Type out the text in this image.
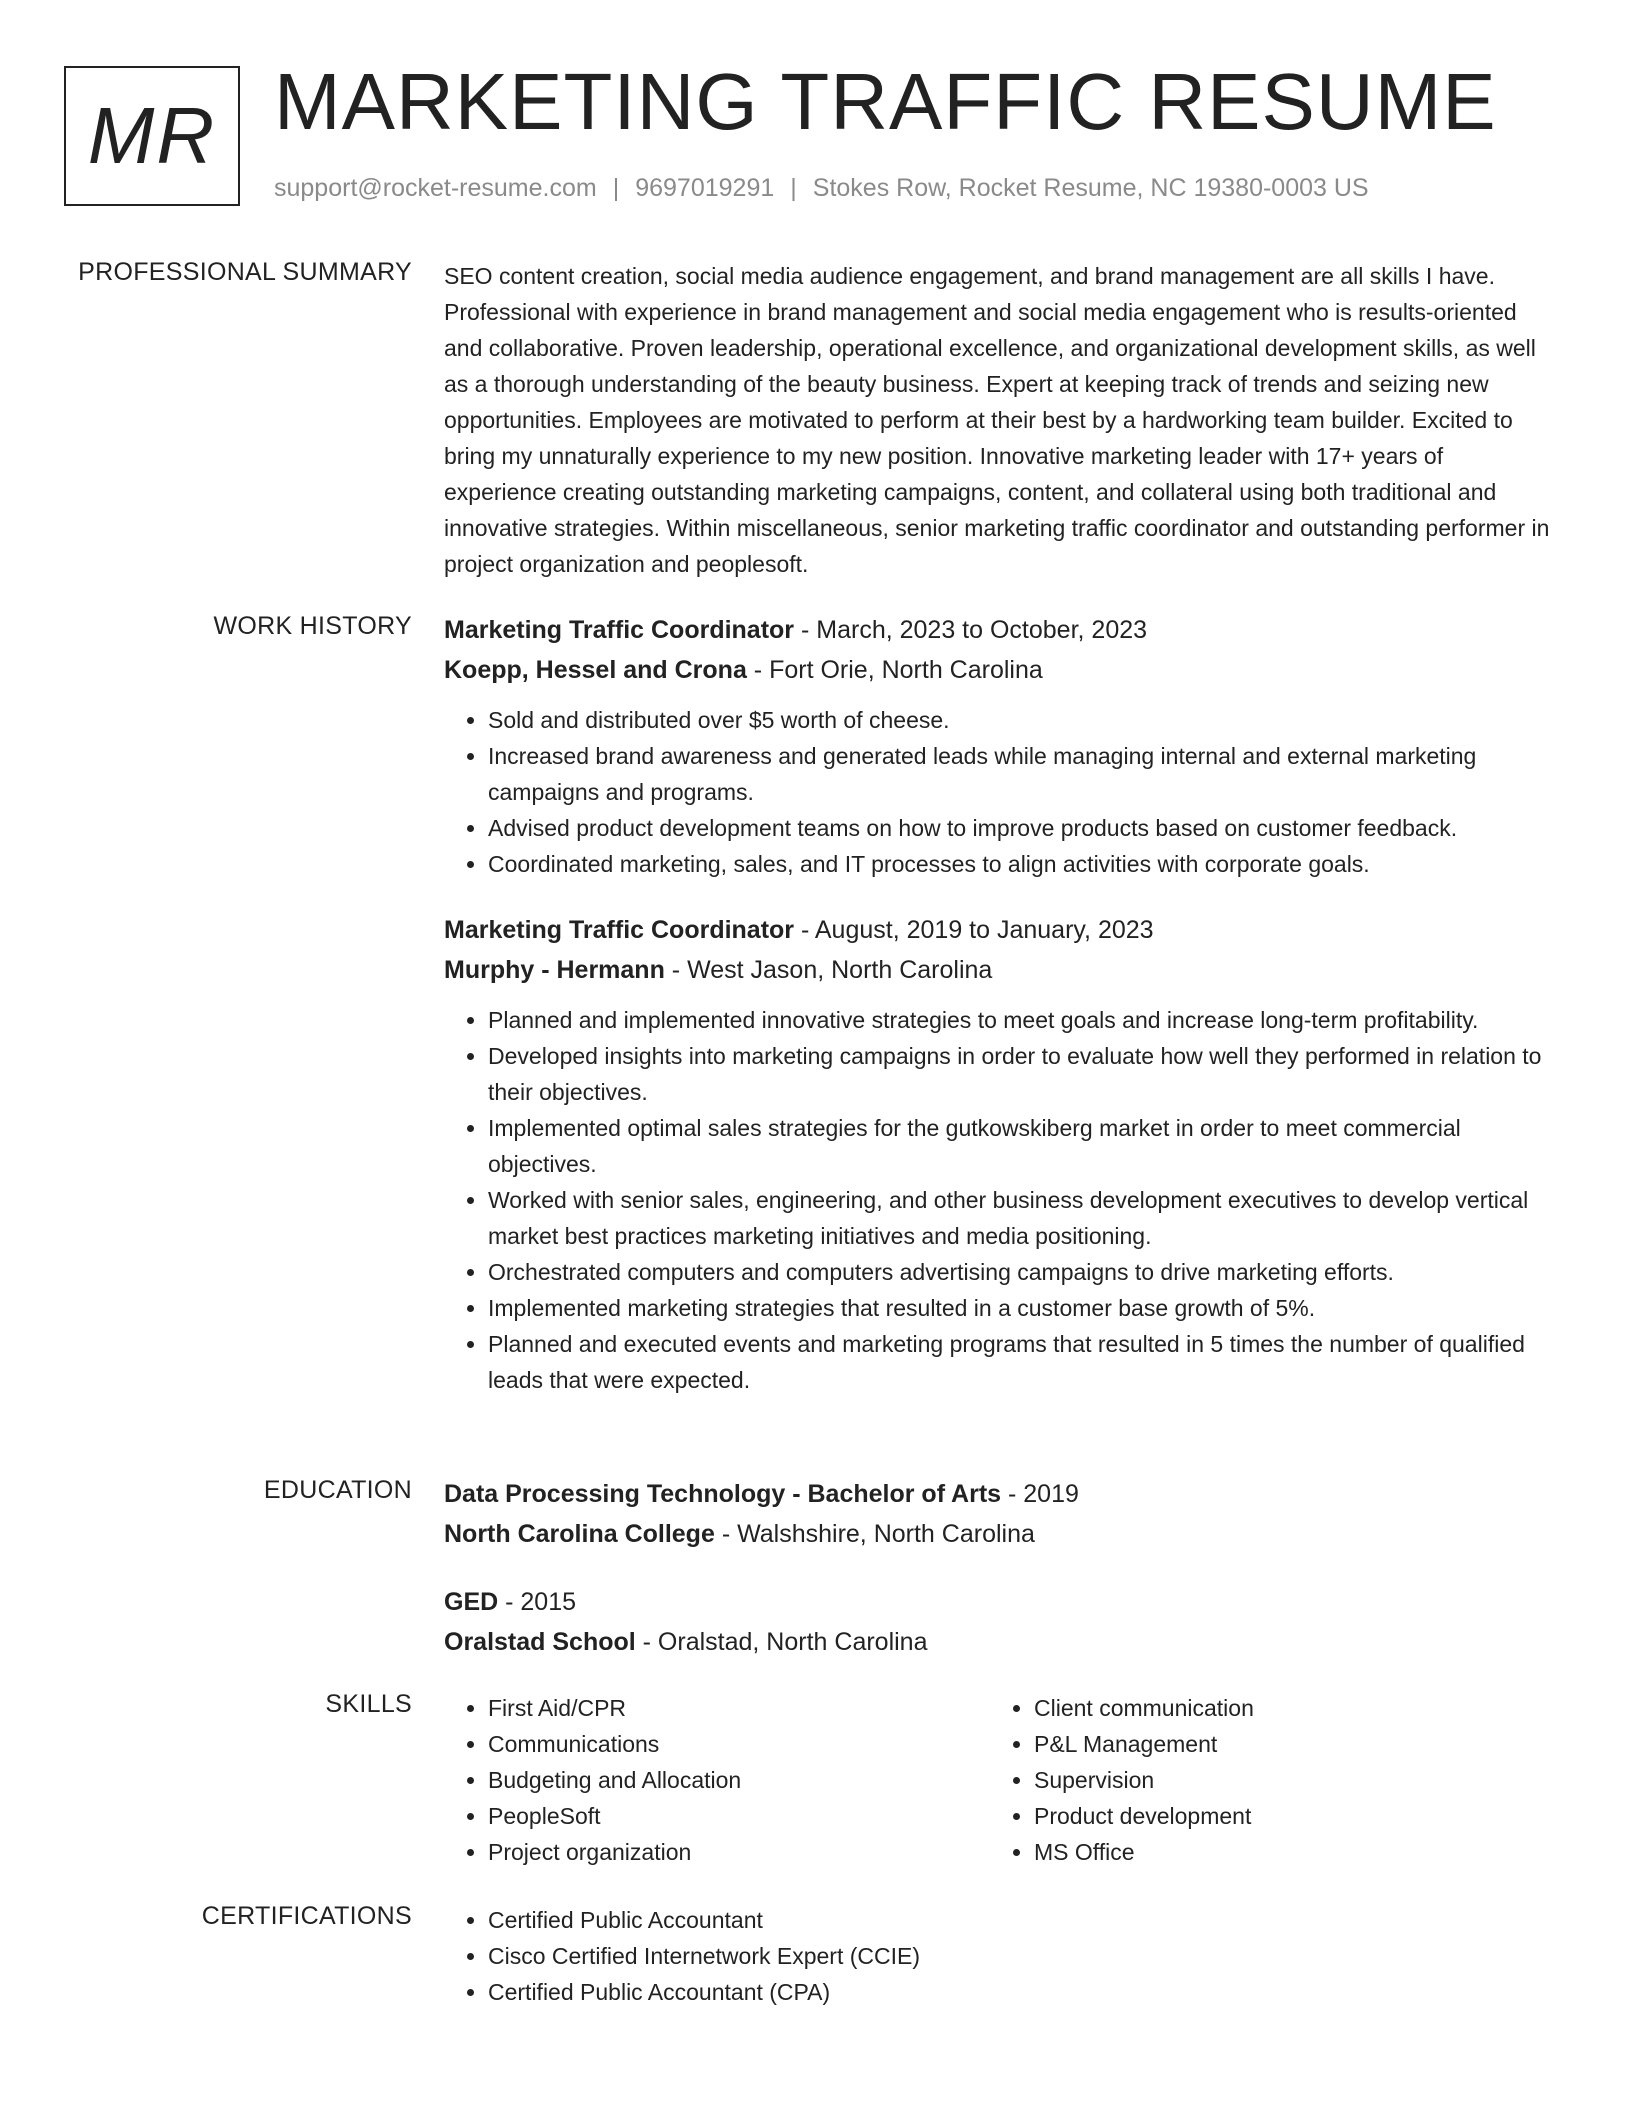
MR MARKETING TRAFFIC RESUME
support@rocket-resume.com | 9697019291 | Stokes Row, Rocket Resume, NC 19380-0003 US
PROFESSIONAL SUMMARY SEO content creation, social media audience engagement, and brand management are all skills I have. Professional with experience in brand management and social media engagement who is results-oriented and collaborative. Proven leadership, operational excellence, and organizational development skills, as well as a thorough understanding of the beauty business. Expert at keeping track of trends and seizing new opportunities. Employees are motivated to perform at their best by a hardworking team builder. Excited to bring my unnaturally experience to my new position. Innovative marketing leader with 17+ years of experience creating outstanding marketing campaigns, content, and collateral using both traditional and innovative strategies. Within miscellaneous, senior marketing traffic coordinator and outstanding performer in project organization and peoplesoft.

WORK HISTORY Marketing Traffic Coordinator - March, 2023 to October, 2023
Koepp, Hessel and Crona - Fort Orie, North Carolina
• Sold and distributed over $5 worth of cheese.
• Increased brand awareness and generated leads while managing internal and external marketing campaigns and programs.
• Advised product development teams on how to improve products based on customer feedback.
• Coordinated marketing, sales, and IT processes to align activities with corporate goals.
Marketing Traffic Coordinator - August, 2019 to January, 2023
Murphy - Hermann - West Jason, North Carolina
• Planned and implemented innovative strategies to meet goals and increase long-term profitability.
• Developed insights into marketing campaigns in order to evaluate how well they performed in relation to their objectives.
• Implemented optimal sales strategies for the gutkowskiberg market in order to meet commercial objectives.
• Worked with senior sales, engineering, and other business development executives to develop vertical market best practices marketing initiatives and media positioning.
• Orchestrated computers and computers advertising campaigns to drive marketing efforts.
• Implemented marketing strategies that resulted in a customer base growth of 5%.
• Planned and executed events and marketing programs that resulted in 5 times the number of qualified leads that were expected.
EDUCATION Data Processing Technology - Bachelor of Arts - 2019
North Carolina College - Walshshire, North Carolina
GED - 2015
Oralstad School - Oralstad, North Carolina
SKILLS	• First Aid/CPR
• Communications
• Budgeting and Allocation
• PeopleSoft
• Project organization
• Client communication
• P&L Management
• Supervision
• Product development
• MS Office
CERTIFICATIONS	• Certified Public Accountant
• Cisco Certified Internetwork Expert (CCIE)
• Certified Public Accountant (CPA)
